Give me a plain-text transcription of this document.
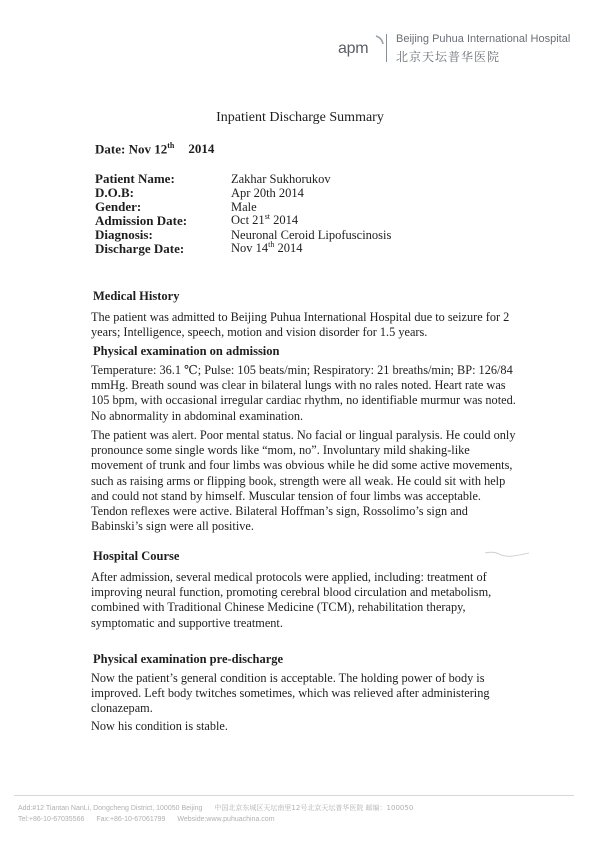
apm
Beijing Puhua International Hospital
北京天坛普华医院
Inpatient Discharge Summary
Date: Nov 12th 2014
Patient Name:	Zakhar Sukhorukov
D.O.B:	Apr 20th 2014
Gender:	Male
Admission Date:	Oct 21st 2014
Diagnosis:	Neuronal Ceroid Lipofuscinosis
Discharge Date:	Nov 14th 2014
Medical History
The patient was admitted to Beijing Puhua International Hospital due to seizure for 2 years; Intelligence, speech, motion and vision disorder for 1.5 years.
Physical examination on admission
Temperature: 36.1 ℃; Pulse: 105 beats/min; Respiratory: 21 breaths/min; BP: 126/84 mmHg. Breath sound was clear in bilateral lungs with no rales noted. Heart rate was 105 bpm, with occasional irregular cardiac rhythm, no identifiable murmur was noted. No abnormality in abdominal examination.
The patient was alert. Poor mental status. No facial or lingual paralysis. He could only pronounce some single words like “mom, no”. Involuntary mild shaking-like movement of trunk and four limbs was obvious while he did some active movements, such as raising arms or flipping book, strength were all weak. He could sit with help and could not stand by himself. Muscular tension of four limbs was acceptable. Tendon reflexes were active. Bilateral Hoffman’s sign, Rossolimo’s sign and Babinski’s sign were all positive.
Hospital Course
After admission, several medical protocols were applied, including: treatment of improving neural function, promoting cerebral blood circulation and metabolism, combined with Traditional Chinese Medicine (TCM), rehabilitation therapy, symptomatic and supportive treatment.
Physical examination pre-discharge
Now the patient’s general condition is acceptable. The holding power of body is improved. Left body twitches sometimes, which was relieved after administering clonazepam.
Now his condition is stable.
Add:#12 Tiantan NanLi, Dongcheng District, 100050 Beijing 中国北京东城区天坛南里12号北京天坛普华医院 邮编：100050
Tel:+86-10-67035566 Fax:+86-10-67061799 Webside:www.puhuachina.com
